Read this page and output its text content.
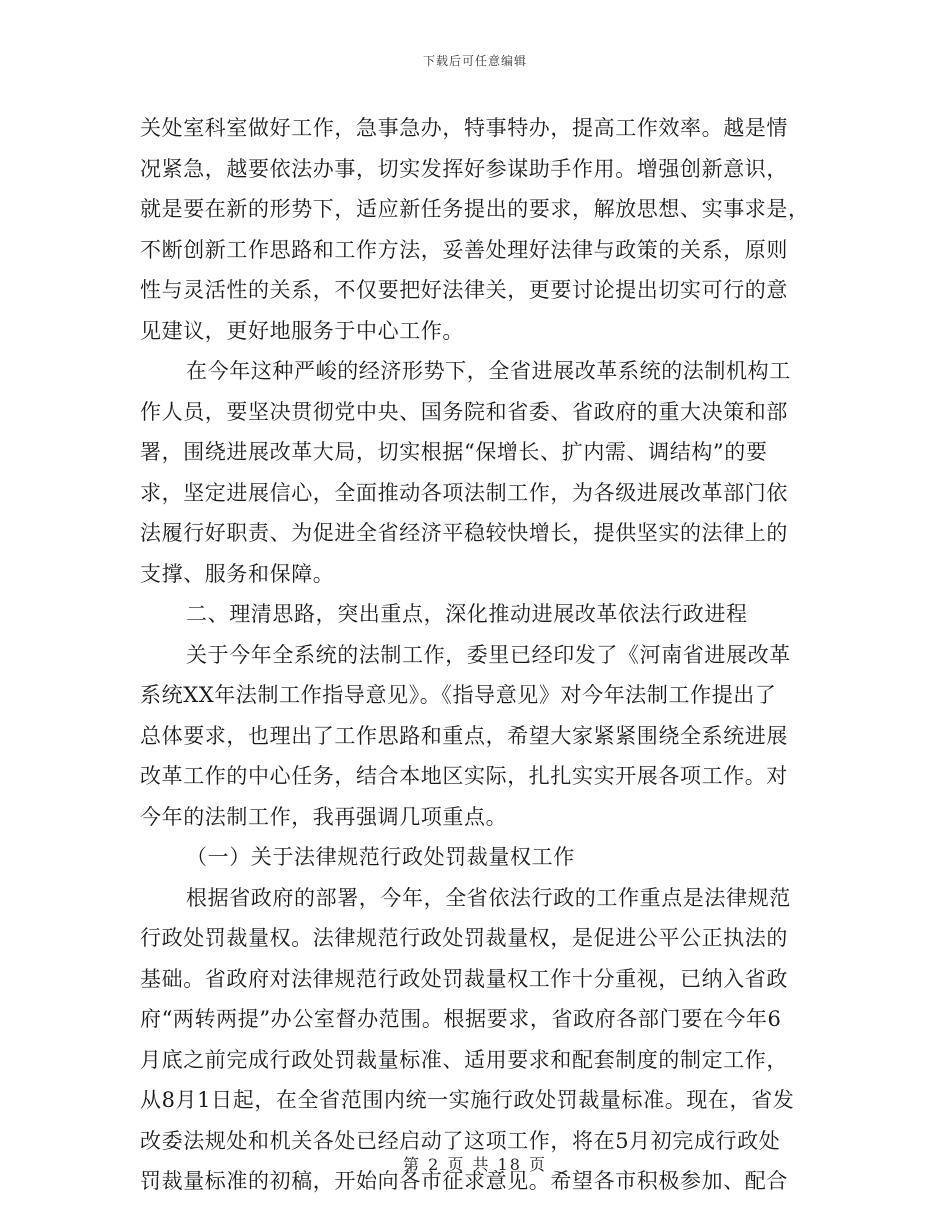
下载后可任意编辑
关处室科室做好工作，急事急办，特事特办，提高工作效率。越是情
况紧急，越要依法办事，切实发挥好参谋助手作用。增强创新意识，
就是要在新的形势下，适应新任务提出的要求，解放思想、实事求是，
不断创新工作思路和工作方法，妥善处理好法律与政策的关系，原则
性与灵活性的关系，不仅要把好法律关，更要讨论提出切实可行的意
见建议，更好地服务于中心工作。
在今年这种严峻的经济形势下，全省进展改革系统的法制机构工
作人员，要坚决贯彻党中央、国务院和省委、省政府的重大决策和部
署，围绕进展改革大局，切实根据“保增长、扩内需、调结构”的要
求，坚定进展信心，全面推动各项法制工作，为各级进展改革部门依
法履行好职责、为促进全省经济平稳较快增长，提供坚实的法律上的
支撑、服务和保障。
二、理清思路，突出重点，深化推动进展改革依法行政进程
关于今年全系统的法制工作，委里已经印发了《河南省进展改革
系统XX年法制工作指导意见》。《指导意见》对今年法制工作提出了
总体要求，也理出了工作思路和重点，希望大家紧紧围绕全系统进展
改革工作的中心任务，结合本地区实际，扎扎实实开展各项工作。对
今年的法制工作，我再强调几项重点。
（一）关于法律规范行政处罚裁量权工作
根据省政府的部署，今年，全省依法行政的工作重点是法律规范
行政处罚裁量权。法律规范行政处罚裁量权，是促进公平公正执法的
基础。省政府对法律规范行政处罚裁量权工作十分重视，已纳入省政
府“两转两提”办公室督办范围。根据要求，省政府各部门要在今年6
月底之前完成行政处罚裁量标准、适用要求和配套制度的制定工作，
从8月1日起，在全省范围内统一实施行政处罚裁量标准。现在，省发
改委法规处和机关各处已经启动了这项工作，将在5月初完成行政处
罚裁量标准的初稿，开始向各市征求意见。希望各市积极参加、配合
第 2 页 共 18 页
